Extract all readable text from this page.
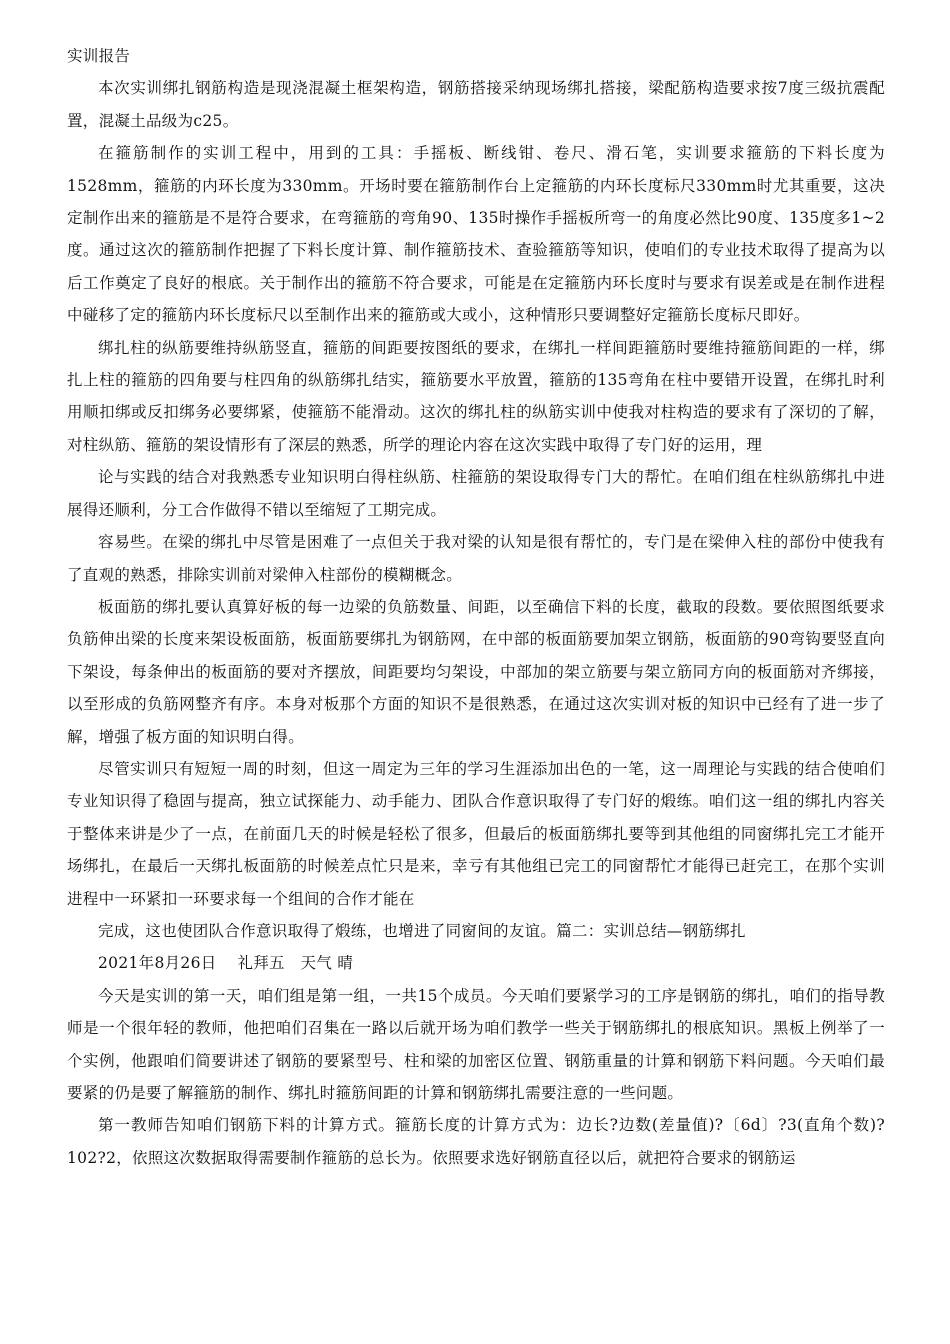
实训报告

本次实训绑扎钢筋构造是现浇混凝土框架构造，钢筋搭接采纳现场绑扎搭接，梁配筋构造要求按7度三级抗震配置，混凝土品级为c25。

在箍筋制作的实训工程中，用到的工具：手摇板、断线钳、卷尺、滑石笔，实训要求箍筋的下料长度为1528mm，箍筋的内环长度为330mm。开场时要在箍筋制作台上定箍筋的内环长度标尺330mm时尤其重要，这决定制作出来的箍筋是不是符合要求，在弯箍筋的弯角90、135时操作手摇板所弯一的角度必然比90度、135度多1~2度。通过这次的箍筋制作把握了下料长度计算、制作箍筋技术、查验箍筋等知识，使咱们的专业技术取得了提高为以后工作奠定了良好的根底。关于制作出的箍筋不符合要求，可能是在定箍筋内环长度时与要求有误差或是在制作进程中碰移了定的箍筋内环长度标尺以至制作出来的箍筋或大或小，这种情形只要调整好定箍筋长度标尺即好。

绑扎柱的纵筋要维持纵筋竖直，箍筋的间距要按图纸的要求，在绑扎一样间距箍筋时要维持箍筋间距的一样，绑扎上柱的箍筋的四角要与柱四角的纵筋绑扎结实，箍筋要水平放置，箍筋的135弯角在柱中要错开设置，在绑扎时利用顺扣绑或反扣绑务必要绑紧，使箍筋不能滑动。这次的绑扎柱的纵筋实训中使我对柱构造的要求有了深切的了解，对柱纵筋、箍筋的架设情形有了深层的熟悉，所学的理论内容在这次实践中取得了专门好的运用，理

论与实践的结合对我熟悉专业知识明白得柱纵筋、柱箍筋的架设取得专门大的帮忙。在咱们组在柱纵筋绑扎中进展得还顺利，分工合作做得不错以至缩短了工期完成。

容易些。在梁的绑扎中尽管是困难了一点但关于我对梁的认知是很有帮忙的，专门是在梁伸入柱的部份中使我有了直观的熟悉，排除实训前对梁伸入柱部份的模糊概念。

板面筋的绑扎要认真算好板的每一边梁的负筋数量、间距，以至确信下料的长度，截取的段数。要依照图纸要求负筋伸出梁的长度来架设板面筋，板面筋要绑扎为钢筋网，在中部的板面筋要加架立钢筋，板面筋的90弯钩要竖直向下架设，每条伸出的板面筋的要对齐摆放，间距要均匀架设，中部加的架立筋要与架立筋同方向的板面筋对齐绑接，以至形成的负筋网整齐有序。本身对板那个方面的知识不是很熟悉，在通过这次实训对板的知识中已经有了进一步了解，增强了板方面的知识明白得。

尽管实训只有短短一周的时刻，但这一周定为三年的学习生涯添加出色的一笔，这一周理论与实践的结合使咱们专业知识得了稳固与提高，独立试探能力、动手能力、团队合作意识取得了专门好的煅练。咱们这一组的绑扎内容关于整体来讲是少了一点，在前面几天的时候是轻松了很多，但最后的板面筋绑扎要等到其他组的同窗绑扎完工才能开场绑扎，在最后一天绑扎板面筋的时候差点忙只是来，幸亏有其他组已完工的同窗帮忙才能得已赶完工，在那个实训进程中一环紧扣一环要求每一个组间的合作才能在

完成，这也使团队合作意识取得了煅练，也增进了同窗间的友谊。篇二：实训总结—钢筋绑扎

2021年8月26日    礼拜五   天气 晴

今天是实训的第一天，咱们组是第一组，一共15个成员。今天咱们要紧学习的工序是钢筋的绑扎，咱们的指导教师是一个很年轻的教师，他把咱们召集在一路以后就开场为咱们教学一些关于钢筋绑扎的根底知识。黑板上例举了一个实例，他跟咱们简要讲述了钢筋的要紧型号、柱和梁的加密区位置、钢筋重量的计算和钢筋下料问题。今天咱们最要紧的仍是要了解箍筋的制作、绑扎时箍筋间距的计算和钢筋绑扎需要注意的一些问题。

第一教师告知咱们钢筋下料的计算方式。箍筋长度的计算方式为：边长?边数(差量值)?〔6d〕?3(直角个数)?102?2，依照这次数据取得需要制作箍筋的总长为。依照要求选好钢筋直径以后，就把符合要求的钢筋运
